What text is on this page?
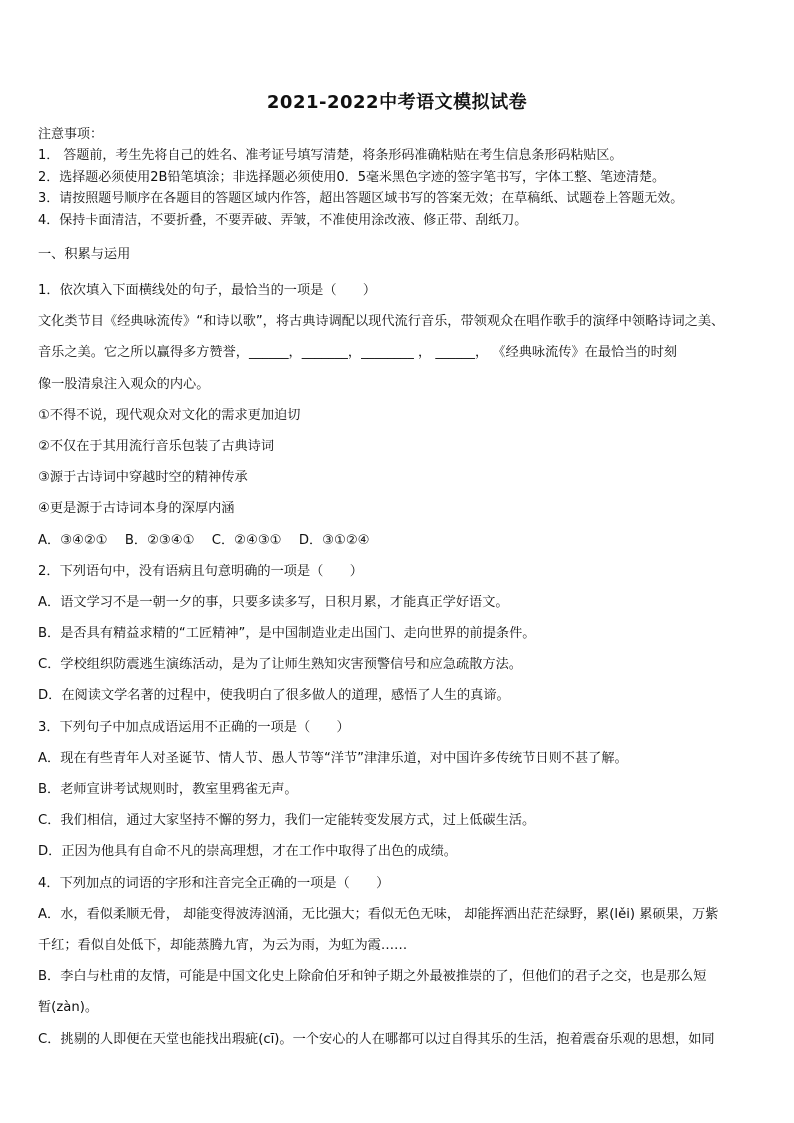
2021-2022中考语文模拟试卷
注意事项：
1． 答题前，考生先将自己的姓名、准考证号填写清楚，将条形码准确粘贴在考生信息条形码粘贴区。
2．选择题必须使用2B铅笔填涂；非选择题必须使用0．5毫米黑色字迹的签字笔书写，字体工整、笔迹清楚。
3．请按照题号顺序在各题目的答题区域内作答，超出答题区域书写的答案无效；在草稿纸、试题卷上答题无效。
4．保持卡面清洁，不要折叠，不要弄破、弄皱，不准使用涂改液、修正带、刮纸刀。
一、积累与运用
1．依次填入下面横线处的句子，最恰当的一项是（　　）
文化类节目《经典咏流传》“和诗以歌”，将古典诗调配以现代流行音乐，带领观众在唱作歌手的演绎中领略诗词之美、
音乐之美。它之所以赢得多方赞誉，______，_______，________ ， ______， 《经典咏流传》在最恰当的时刻
像一股清泉注入观众的内心。
①不得不说，现代观众对文化的需求更加迫切
②不仅在于其用流行音乐包装了古典诗词
③源于古诗词中穿越时空的精神传承
④更是源于古诗词本身的深厚内涵
A．③④②①　 B．②③④①　 C．②④③①　 D．③①②④
2．下列语句中，没有语病且句意明确的一项是（　　）
A．语文学习不是一朝一夕的事，只要多读多写，日积月累，才能真正学好语文。
B．是否具有精益求精的“工匠精神”，是中国制造业走出国门、走向世界的前提条件。
C．学校组织防震逃生演练活动，是为了让师生熟知灾害预警信号和应急疏散方法。
D．在阅读文学名著的过程中，使我明白了很多做人的道理，感悟了人生的真谛。
3．下列句子中加点成语运用不正确的一项是（　　）
A．现在有些青年人对圣诞节、情人节、愚人节等“洋节”津津乐道，对中国许多传统节日则不甚了解。
B．老师宣讲考试规则时，教室里鸦雀无声。
C．我们相信，通过大家坚持不懈的努力，我们一定能转变发展方式，过上低碳生活。
D．正因为他具有自命不凡的崇高理想，才在工作中取得了出色的成绩。
4．下列加点的词语的字形和注音完全正确的一项是（　　）
A．水，看似柔顺无骨， 却能变得波涛汹涌，无比强大；看似无色无味， 却能挥洒出茫茫绿野，累(lěi) 累硕果，万紫
千红；看似自处低下，却能蒸腾九宵，为云为雨，为虹为霞……
B．李白与杜甫的友情，可能是中国文化史上除俞伯牙和钟子期之外最被推崇的了，但他们的君子之交，也是那么短
暂(zàn)。
C．挑剔的人即便在天堂也能找出瑕疵(cī)。一个安心的人在哪都可以过自得其乐的生活，抱着震奋乐观的思想，如同
